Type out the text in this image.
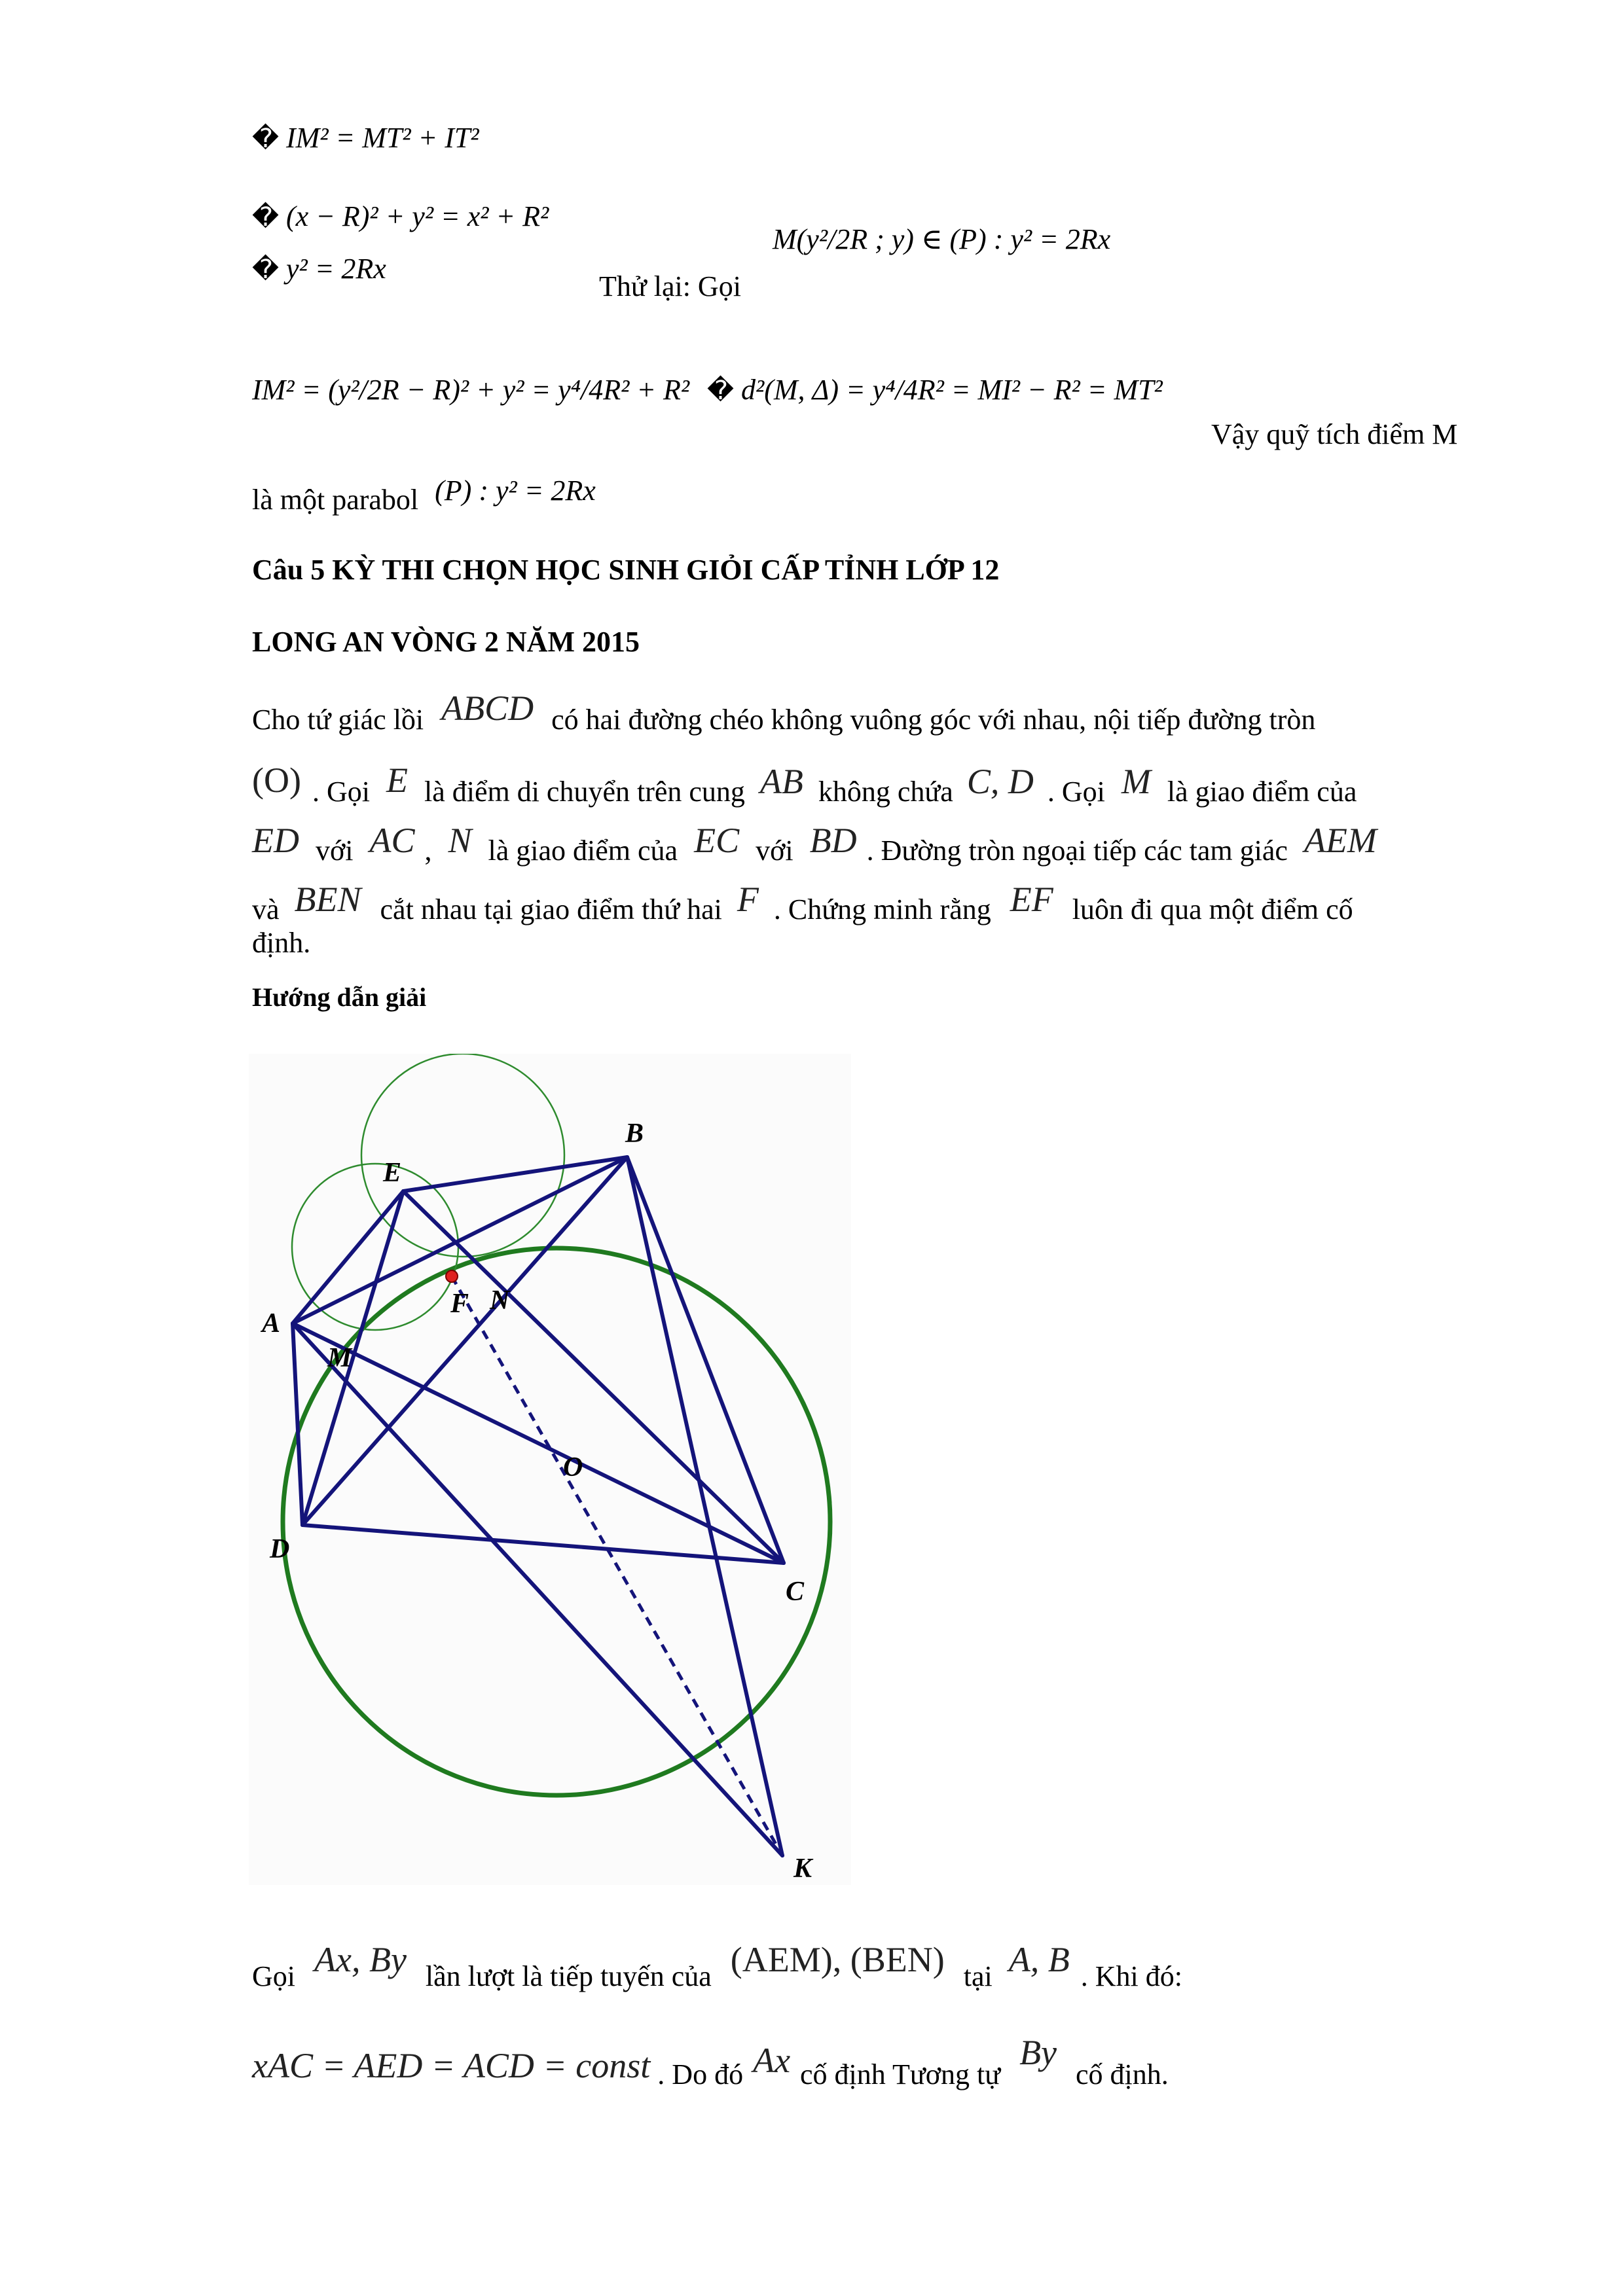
� IM² = MT² + IT²
� (x − R)² + y² = x² + R²
� y² = 2Rx
Thử lại: Gọi
M(y²/2R ; y) ∈ (P) : y² = 2Rx
IM² = (y²/2R − R)² + y² = y⁴/4R² + R² � d²(M, Δ) = y⁴/4R² = MI² − R² = MT²
Vậy quỹ tích điểm M
là một parabol (P) : y² = 2Rx
Câu 5 KỲ THI CHỌN HỌC SINH GIỎI CẤP TỈNH LỚP 12
LONG AN VÒNG 2 NĂM 2015
Cho tứ giác lồi ABCD có hai đường chéo không vuông góc với nhau, nội tiếp đường tròn
(O) . Gọi E là điểm di chuyển trên cung AB không chứa C, D . Gọi M là giao điểm của
ED với AC , N là giao điểm của EC với BD . Đường tròn ngoại tiếp các tam giác AEM
và BEN cắt nhau tại giao điểm thứ hai F . Chứng minh rằng EF luôn đi qua một điểm cố
định.
Hướng dẫn giải
B
E
A
F N
M
O
D
C
K
Gọi Ax, By lần lượt là tiếp tuyến của (AEM), (BEN) tại A, B . Khi đó:
xAC = AED = ACD = const . Do đó Ax cố định Tương tự By cố định.
